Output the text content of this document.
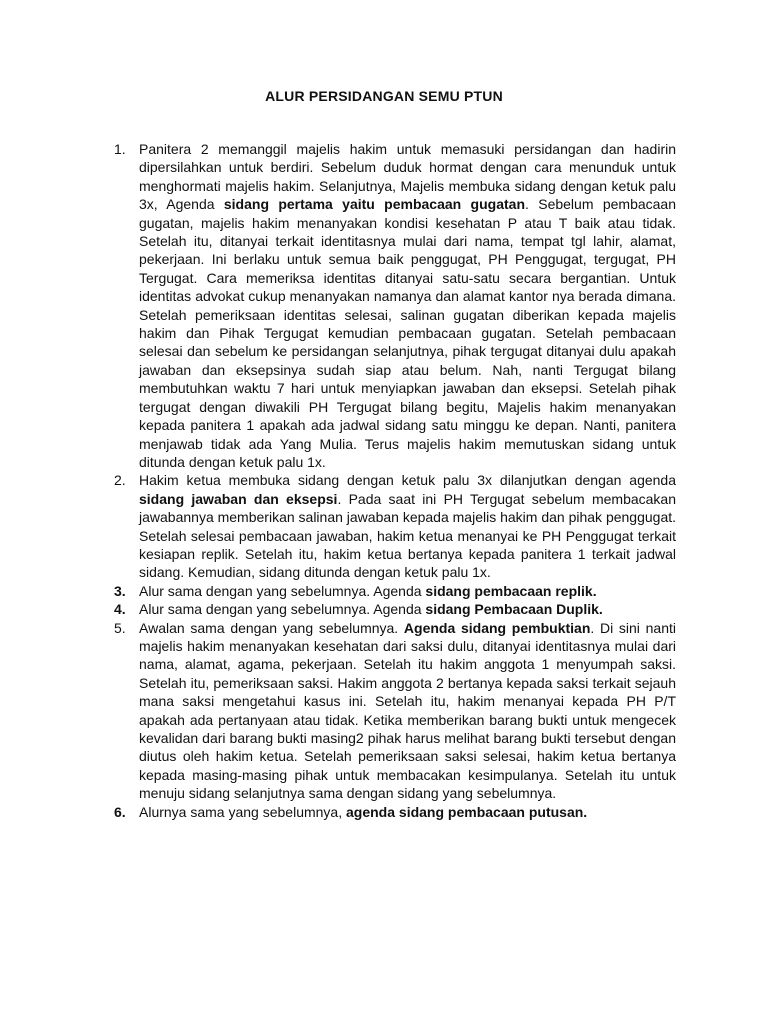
ALUR PERSIDANGAN SEMU PTUN
1. Panitera 2 memanggil majelis hakim untuk memasuki persidangan dan hadirin dipersilahkan untuk berdiri. Sebelum duduk hormat dengan cara menunduk untuk menghormati majelis hakim. Selanjutnya, Majelis membuka sidang dengan ketuk palu 3x, Agenda sidang pertama yaitu pembacaan gugatan. Sebelum pembacaan gugatan, majelis hakim menanyakan kondisi kesehatan P atau T baik atau tidak. Setelah itu, ditanyai terkait identitasnya mulai dari nama, tempat tgl lahir, alamat, pekerjaan. Ini berlaku untuk semua baik penggugat, PH Penggugat, tergugat, PH Tergugat. Cara memeriksa identitas ditanyai satu-satu secara bergantian. Untuk identitas advokat cukup menanyakan namanya dan alamat kantor nya berada dimana. Setelah pemeriksaan identitas selesai, salinan gugatan diberikan kepada majelis hakim dan Pihak Tergugat kemudian pembacaan gugatan. Setelah pembacaan selesai dan sebelum ke persidangan selanjutnya, pihak tergugat ditanyai dulu apakah jawaban dan eksepsinya sudah siap atau belum. Nah, nanti Tergugat bilang membutuhkan waktu 7 hari untuk menyiapkan jawaban dan eksepsi. Setelah pihak tergugat dengan diwakili PH Tergugat bilang begitu, Majelis hakim menanyakan kepada panitera 1 apakah ada jadwal sidang satu minggu ke depan. Nanti, panitera menjawab tidak ada Yang Mulia. Terus majelis hakim memutuskan sidang untuk ditunda dengan ketuk palu 1x.
2. Hakim ketua membuka sidang dengan ketuk palu 3x dilanjutkan dengan agenda sidang jawaban dan eksepsi. Pada saat ini PH Tergugat sebelum membacakan jawabannya memberikan salinan jawaban kepada majelis hakim dan pihak penggugat. Setelah selesai pembacaan jawaban, hakim ketua menanyai ke PH Penggugat terkait kesiapan replik. Setelah itu, hakim ketua bertanya kepada panitera 1 terkait jadwal sidang. Kemudian, sidang ditunda dengan ketuk palu 1x.
3. Alur sama dengan yang sebelumnya. Agenda sidang pembacaan replik.
4. Alur sama dengan yang sebelumnya. Agenda sidang Pembacaan Duplik.
5. Awalan sama dengan yang sebelumnya. Agenda sidang pembuktian. Di sini nanti majelis hakim menanyakan kesehatan dari saksi dulu, ditanyai identitasnya mulai dari nama, alamat, agama, pekerjaan. Setelah itu hakim anggota 1 menyumpah saksi. Setelah itu, pemeriksaan saksi. Hakim anggota 2 bertanya kepada saksi terkait sejauh mana saksi mengetahui kasus ini. Setelah itu, hakim menanyai kepada PH P/T apakah ada pertanyaan atau tidak. Ketika memberikan barang bukti untuk mengecek kevalidan dari barang bukti masing2 pihak harus melihat barang bukti tersebut dengan diutus oleh hakim ketua. Setelah pemeriksaan saksi selesai, hakim ketua bertanya kepada masing-masing pihak untuk membacakan kesimpulanya. Setelah itu untuk menuju sidang selanjutnya sama dengan sidang yang sebelumnya.
6. Alurnya sama yang sebelumnya, agenda sidang pembacaan putusan.
